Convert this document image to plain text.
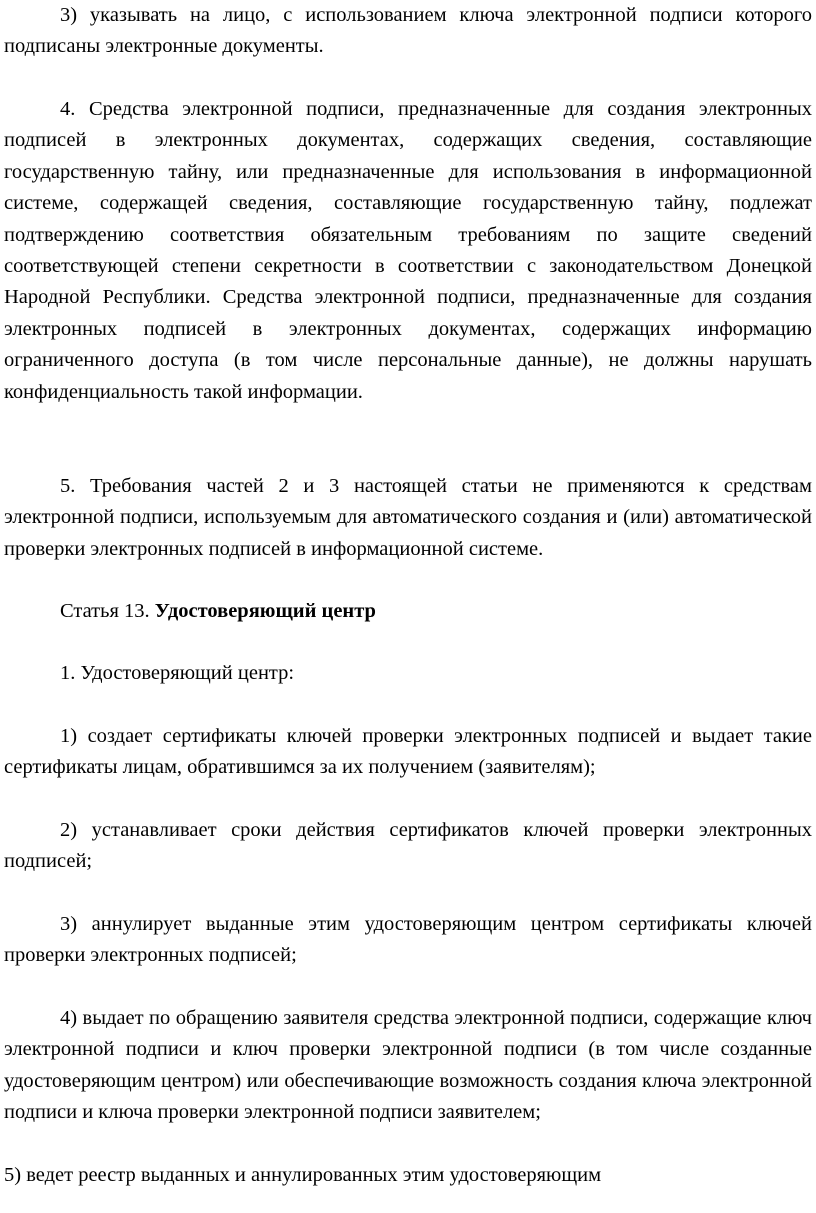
3) указывать на лицо, с использованием ключа электронной подписи которого подписаны электронные документы.

4. Средства электронной подписи, предназначенные для создания электронных подписей в электронных документах, содержащих сведения, составляющие государственную тайну, или предназначенные для использования в информационной системе, содержащей сведения, составляющие государственную тайну, подлежат подтверждению соответствия обязательным требованиям по защите сведений соответствующей степени секретности в соответствии с законодательством Донецкой Народной Республики. Средства электронной подписи, предназначенные для создания электронных подписей в электронных документах, содержащих информацию ограниченного доступа (в том числе персональные данные), не должны нарушать конфиденциальность такой информации.

5. Требования частей 2 и 3 настоящей статьи не применяются к средствам электронной подписи, используемым для автоматического создания и (или) автоматической проверки электронных подписей в информационной системе.

Статья 13. Удостоверяющий центр

1. Удостоверяющий центр:

1) создает сертификаты ключей проверки электронных подписей и выдает такие сертификаты лицам, обратившимся за их получением (заявителям);

2) устанавливает сроки действия сертификатов ключей проверки электронных подписей;

3) аннулирует выданные этим удостоверяющим центром сертификаты ключей проверки электронных подписей;

4) выдает по обращению заявителя средства электронной подписи, содержащие ключ электронной подписи и ключ проверки электронной подписи (в том числе созданные удостоверяющим центром) или обеспечивающие возможность создания ключа электронной подписи и ключа проверки электронной подписи заявителем;

5) ведет реестр выданных и аннулированных этим удостоверяющим
